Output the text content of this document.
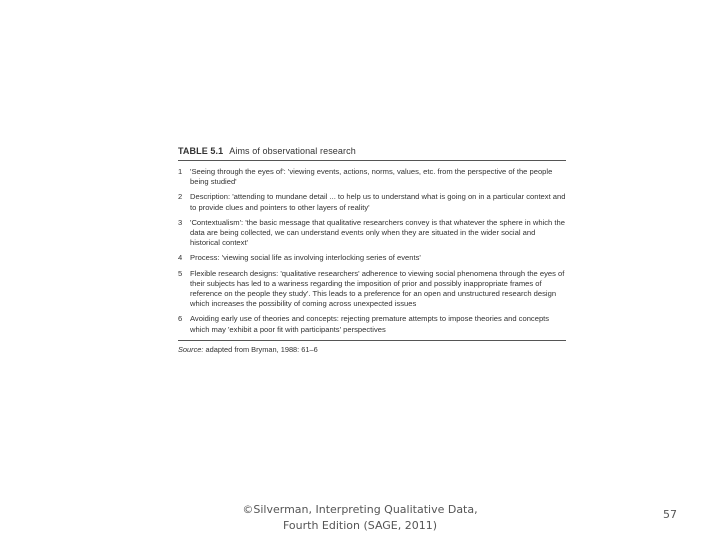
TABLE 5.1 Aims of observational research

1	'Seeing through the eyes of': 'viewing events, actions, norms, values, etc. from the perspective of the people being studied'
2	Description: 'attending to mundane detail ... to help us to understand what is going on in a particular context and to provide clues and pointers to other layers of reality'
3	'Contextualism': 'the basic message that qualitative researchers convey is that whatever the sphere in which the data are being collected, we can understand events only when they are situated in the wider social and historical context'
4	Process: 'viewing social life as involving interlocking series of events'
5	Flexible research designs: 'qualitative researchers' adherence to viewing social phenomena through the eyes of their subjects has led to a wariness regarding the imposition of prior and possibly inappropriate frames of reference on the people they study'. This leads to a preference for an open and unstructured research design which increases the possibility of coming across unexpected issues
6	Avoiding early use of theories and concepts: rejecting premature attempts to impose theories and concepts which may 'exhibit a poor fit with participants' perspectives

Source: adapted from Bryman, 1988: 61–6

©Silverman, Interpreting Qualitative Data,
Fourth Edition (SAGE, 2011)
57
